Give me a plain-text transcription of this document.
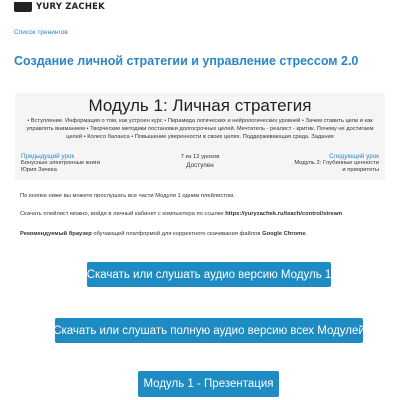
YURY ZACHEK
Список тренингов
Создание личной стратегии и управление стрессом 2.0
Модуль 1: Личная стратегия
• Вступление. Информация о том, как устроен курс • Пирамида логических и нейрологических уровней • Зачем ставить цели и как управлять вниманием • Творческие методики постановки долгосрочных целей. Мечтатель - реалист - критик. Почему не достигаем целей • Колесо баланса • Повышение уверенности в своих целях. Поддерживающая среда. Задания
Предыдущий урок
Бонусные электронные книги
Юрия Зачека
7 из 12 уроков
Доступен
Следующий урок
Модуль 2: Глубинные ценности
и приоритеты
По кнопке ниже вы можете прослушать все части Модуля 1 одним плейлистом.
Скачать плейлист можно, войдя в личный кабинет с компьютера по ссылке https://yuryzachek.ru/teach/control/stream
Рекомендуемый браузер обучающей платформой для корректного скачивания файлов Google Chrome.
Скачать или слушать аудио версию Модуль 1
Скачать или слушать полную аудио версию всех Модулей
Модуль 1 - Презентация
